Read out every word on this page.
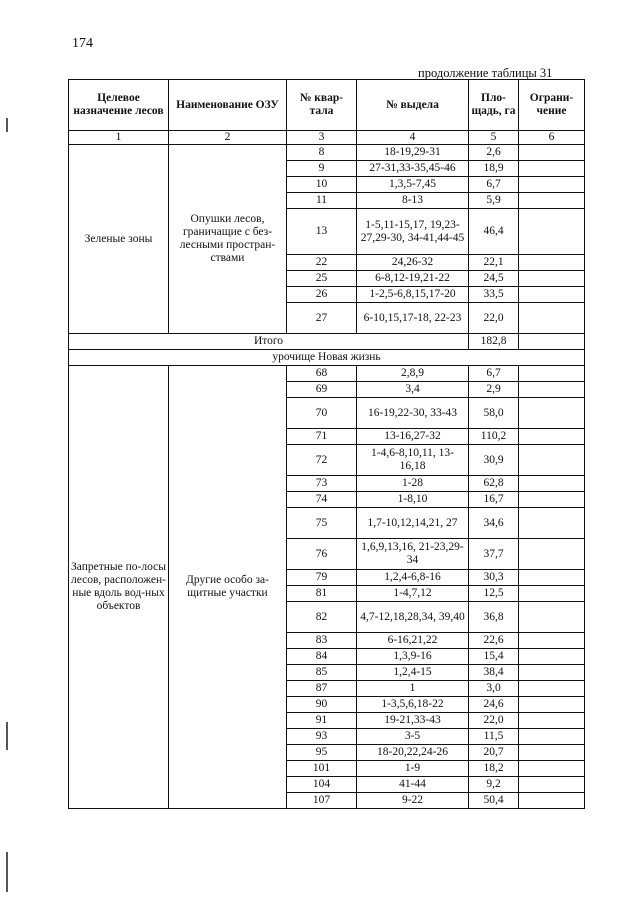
174
продолжение таблицы 31
Целевое назначение лесов	Наименование ОЗУ	№ квар-тала	№ выдела	Пло-щадь, га	Ограни-чение
1	2	3	4	5	6
Зеленые зоны	Опушки лесов, граничащие с без-лесными простран-ствами	8	18-19,29-31	2,6	
		9	27-31,33-35,45-46	18,9	
		10	1,3,5-7,45	6,7	
		11	8-13	5,9	
		13	1-5,11-15,17, 19,23-27,29-30, 34-41,44-45	46,4	
		22	24,26-32	22,1	
		25	6-8,12-19,21-22	24,5	
		26	1-2,5-6,8,15,17-20	33,5	
		27	6-10,15,17-18, 22-23	22,0	
Итого				182,8	
урочище Новая жизнь					
Запретные по-лосы лесов, расположен-ные вдоль вод-ных объектов	Другие особо за-щитные участки	68	2,8,9	6,7	
		69	3,4	2,9	
		70	16-19,22-30, 33-43	58,0	
		71	13-16,27-32	110,2	
		72	1-4,6-8,10,11, 13-16,18	30,9	
		73	1-28	62,8	
		74	1-8,10	16,7	
		75	1,7-10,12,14,21, 27	34,6	
		76	1,6,9,13,16, 21-23,29-34	37,7	
		79	1,2,4-6,8-16	30,3	
		81	1-4,7,12	12,5	
		82	4,7-12,18,28,34, 39,40	36,8	
		83	6-16,21,22	22,6	
		84	1,3,9-16	15,4	
		85	1,2,4-15	38,4	
		87	1	3,0	
		90	1-3,5,6,18-22	24,6	
		91	19-21,33-43	22,0	
		93	3-5	11,5	
		95	18-20,22,24-26	20,7	
		101	1-9	18,2	
		104	41-44	9,2	
		107	9-22	50,4	
